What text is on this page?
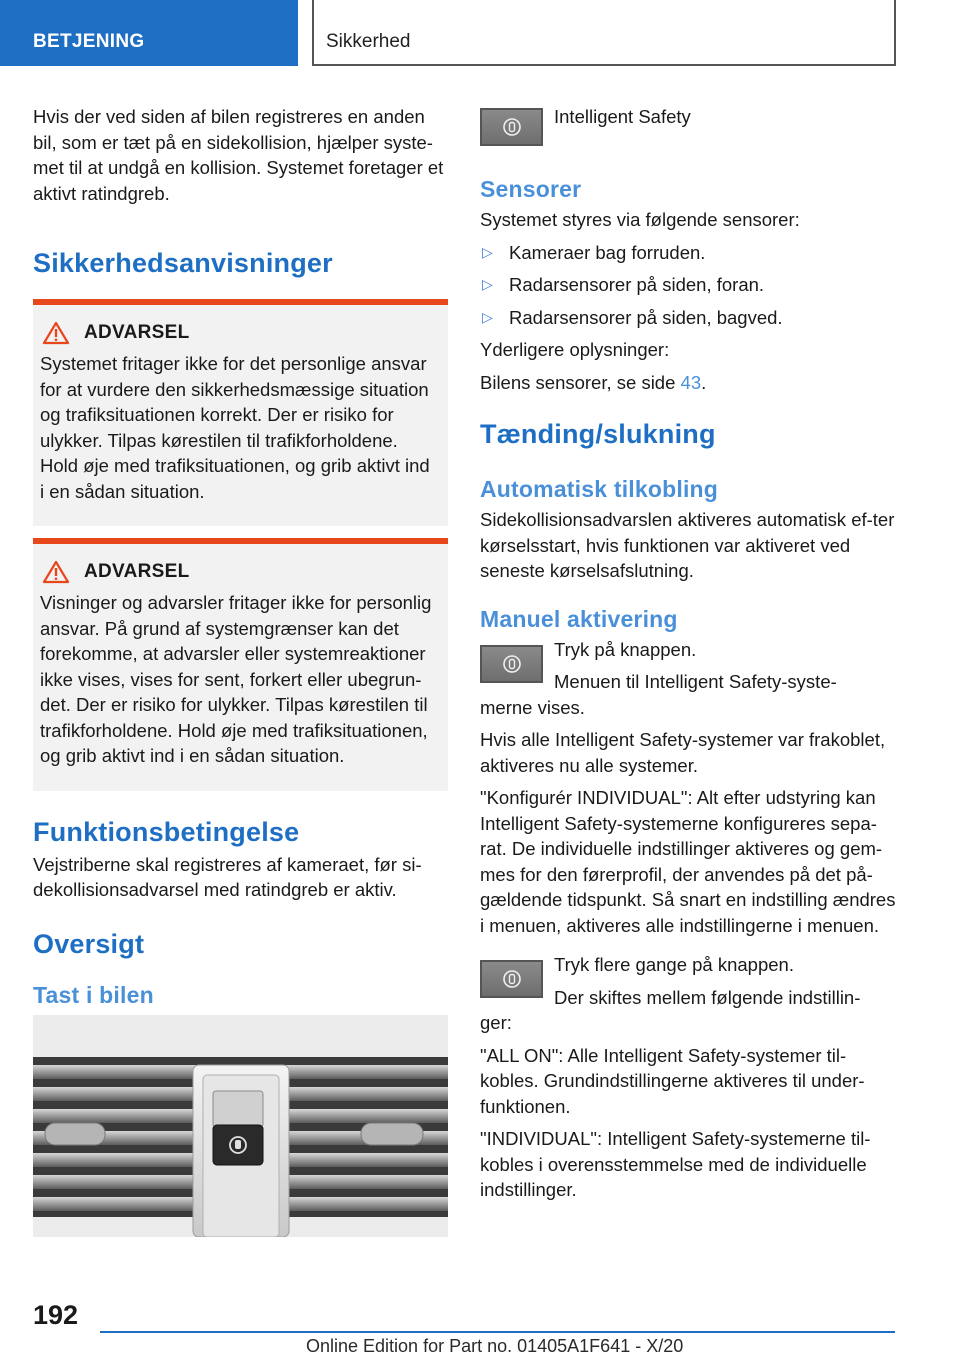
BETJENING	Sikkerhed

Hvis der ved siden af bilen registreres en anden bil, som er tæt på en sidekollision, hjælper syste‐met til at undgå en kollision. Systemet foretager et aktivt ratindgreb.

Sikkerhedsanvisninger
ADVARSEL

Systemet fritager ikke for det personlige ansvar for at vurdere den sikkerhedsmæssige situation og trafiksituationen korrekt. Der er risiko for ulykker. Tilpas kørestilen til trafikforholdene. Hold øje med trafiksituationen, og grib aktivt ind i en sådan situation.

ADVARSEL

Visninger og advarsler fritager ikke for personlig ansvar. På grund af systemgrænser kan det forekomme, at advarsler eller systemreaktioner ikke vises, vises for sent, forkert eller ubegrun‐det. Der er risiko for ulykker. Tilpas kørestilen til trafikforholdene. Hold øje med trafiksituationen, og grib aktivt ind i en sådan situation.

Funktionsbetingelse

Vejstriberne skal registreres af kameraet, før si‐dekollisionsadvarsel med ratindgreb er aktiv.

Oversigt
Tast i bilen

Intelligent Safety

Sensorer

Systemet styres via følgende sensorer:

▷ Kameraer bag forruden.
▷ Radarsensorer på siden, foran.
▷ Radarsensorer på siden, bagved.

Yderligere oplysninger:

Bilens sensorer, se side 43.

Tænding/slukning
Automatisk tilkobling

Sidekollisionsadvarslen aktiveres automatisk ef‐ter kørselsstart, hvis funktionen var aktiveret ved seneste kørselsafslutning.

Manuel aktivering

Tryk på knappen.

Menuen til Intelligent Safety-syste‐

merne vises.

Hvis alle Intelligent Safety-systemer var frakoblet, aktiveres nu alle systemer.

"Konfigurér INDIVIDUAL": Alt efter udstyring kan Intelligent Safety-systemerne konfigureres sepa‐rat. De individuelle indstillinger aktiveres og gem‐mes for den førerprofil, der anvendes på det på‐gældende tidspunkt. Så snart en indstilling ændres i menuen, aktiveres alle indstillingerne i menuen.

Tryk flere gange på knappen.

Der skiftes mellem følgende indstillin‐

ger:

"ALL ON": Alle Intelligent Safety-systemer til‐kobles. Grundindstillingerne aktiveres til under‐funktionen.

"INDIVIDUAL": Intelligent Safety-systemerne til‐kobles i overensstemmelse med de individuelle indstillinger.

192
Online Edition for Part no. 01405A1F641 - X/20
